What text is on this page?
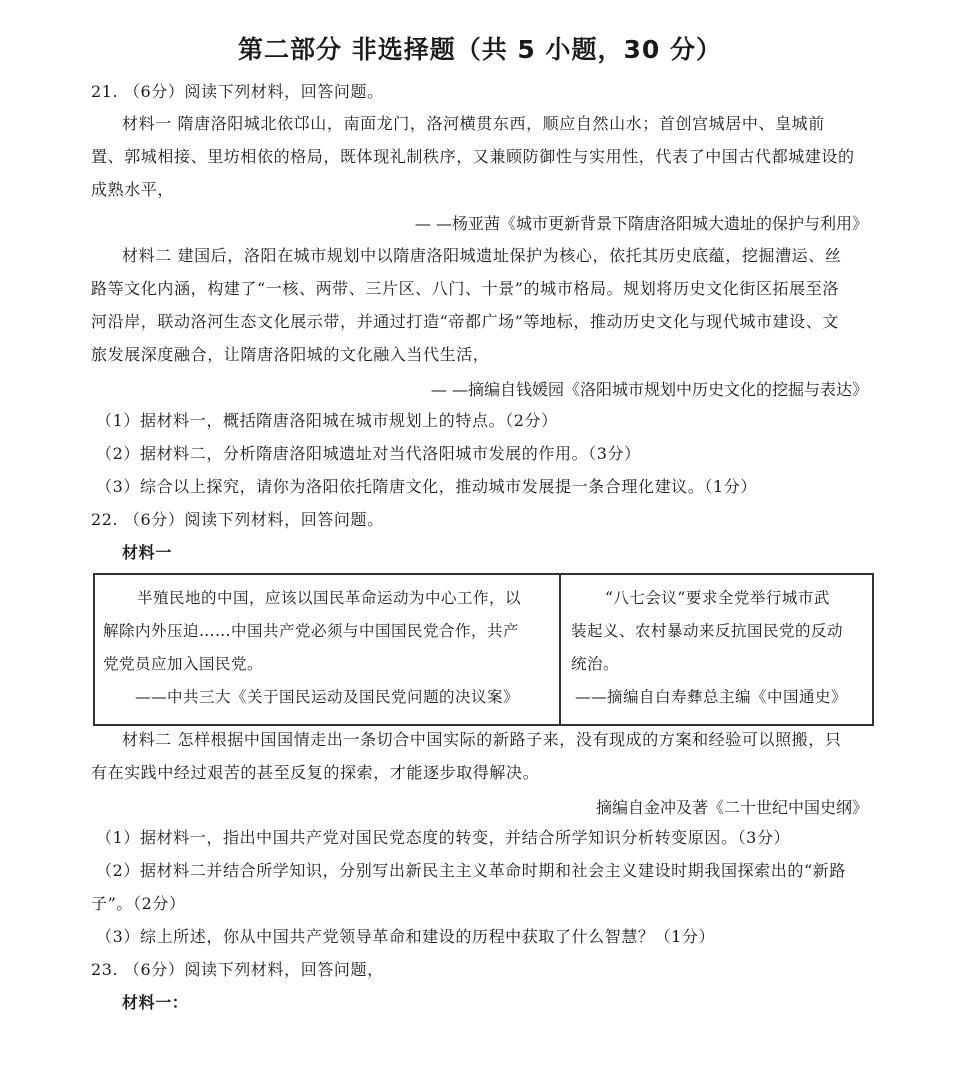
第二部分 非选择题（共 5 小题，30 分）
21. （6分）阅读下列材料，回答问题。
材料一 隋唐洛阳城北依邙山，南面龙门，洛河横贯东西，顺应自然山水；首创宫城居中、皇城前
置、郭城相接、里坊相依的格局，既体现礼制秩序，又兼顾防御性与实用性，代表了中国古代都城建设的
成熟水平，
— —杨亚茜《城市更新背景下隋唐洛阳城大遗址的保护与利用》
材料二 建国后，洛阳在城市规划中以隋唐洛阳城遗址保护为核心，依托其历史底蕴，挖掘漕运、丝
路等文化内涵，构建了“一核、两带、三片区、八门、十景”的城市格局。规划将历史文化街区拓展至洛
河沿岸，联动洛河生态文化展示带，并通过打造“帝都广场”等地标，推动历史文化与现代城市建设、文
旅发展深度融合，让隋唐洛阳城的文化融入当代生活，
— —摘编自钱媛园《洛阳城市规划中历史文化的挖掘与表达》
（1）据材料一，概括隋唐洛阳城在城市规划上的特点。（2分）
（2）据材料二，分析隋唐洛阳城遗址对当代洛阳城市发展的作用。（3分）
（3）综合以上探究，请你为洛阳依托隋唐文化，推动城市发展提一条合理化建议。（1分）
22. （6分）阅读下列材料，回答问题。
材料一
半殖民地的中国，应该以国民革命运动为中心工作，以
解除内外压迫……中国共产党必须与中国国民党合作，共产
党党员应加入国民党。
——中共三大《关于国民运动及国民党问题的决议案》
“八七会议”要求全党举行城市武
装起义、农村暴动来反抗国民党的反动
统治。
——摘编自白寿彝总主编《中国通史》
材料二 怎样根据中国国情走出一条切合中国实际的新路子来，没有现成的方案和经验可以照搬，只
有在实践中经过艰苦的甚至反复的探索，才能逐步取得解决。
摘编自金冲及著《二十世纪中国史纲》
（1）据材料一，指出中国共产党对国民党态度的转变，并结合所学知识分析转变原因。（3分）
（2）据材料二并结合所学知识，分别写出新民主主义革命时期和社会主义建设时期我国探索出的“新路
子”。（2分）
（3）综上所述，你从中国共产党领导革命和建设的历程中获取了什么智慧？（1分）
23. （6分）阅读下列材料，回答问题，
材料一：
